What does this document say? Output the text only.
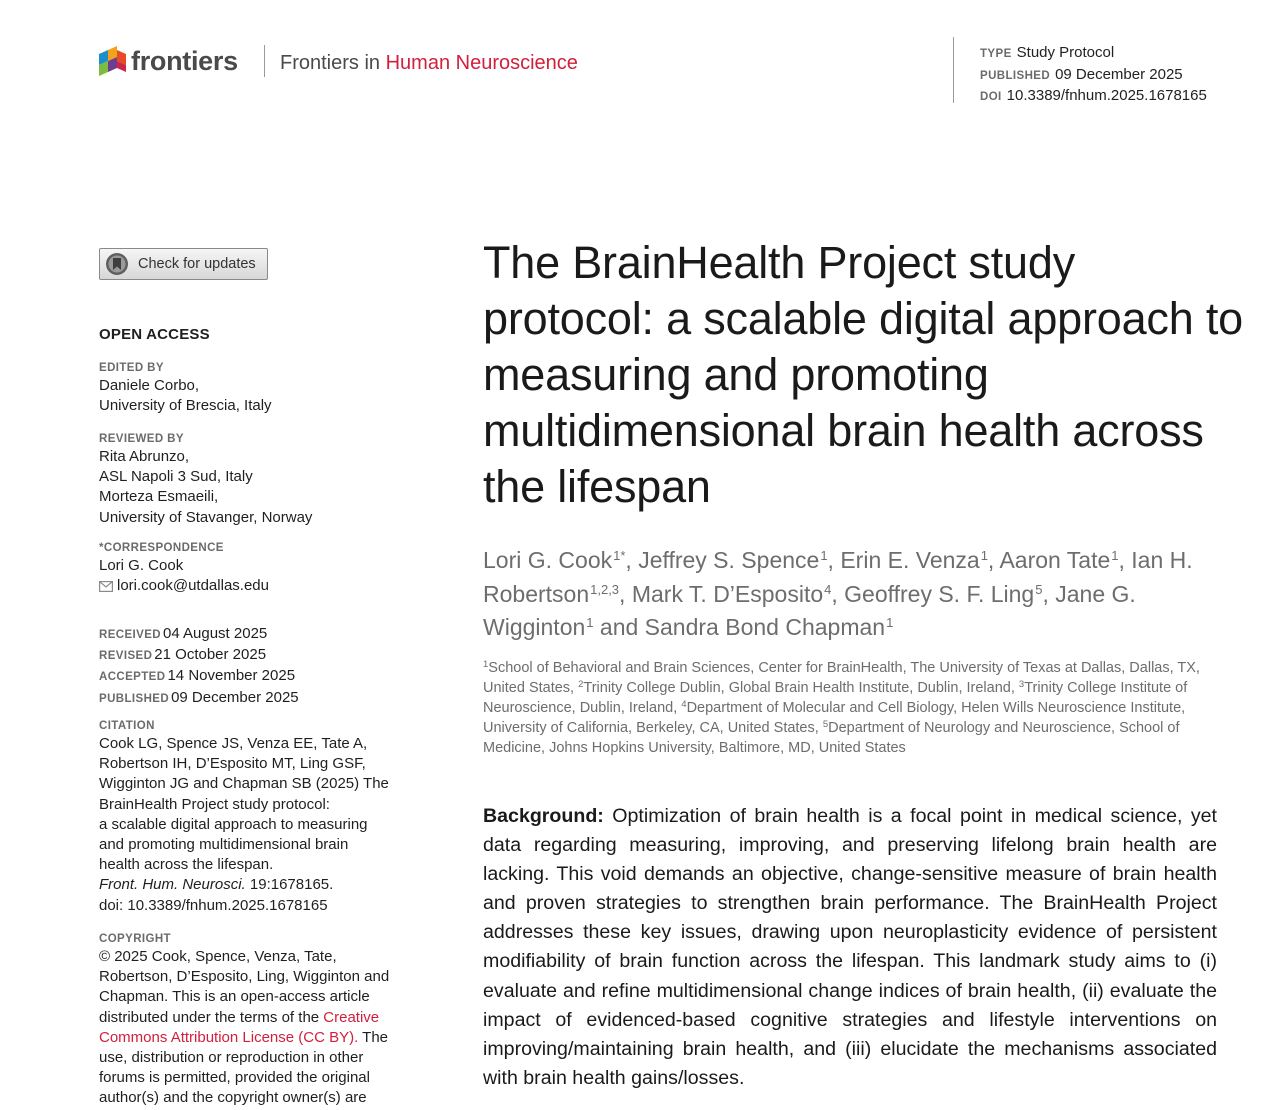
frontiers Frontiers in Human Neuroscience	TYPE Study Protocol
PUBLISHED 09 December 2025
DOI 10.3389/fnhum.2025.1678165
Check for updates
OPEN ACCESS
EDITED BY
Daniele Corbo,
University of Brescia, Italy
REVIEWED BY
Rita Abrunzo,
ASL Napoli 3 Sud, Italy
Morteza Esmaeili,
University of Stavanger, Norway
*CORRESPONDENCE
Lori G. Cook
lori.cook@utdallas.edu
RECEIVED 04 August 2025
REVISED 21 October 2025
ACCEPTED 14 November 2025
PUBLISHED 09 December 2025
CITATION
Cook LG, Spence JS, Venza EE, Tate A,
Robertson IH, D’Esposito MT, Ling GSF,
Wigginton JG and Chapman SB (2025) The
BrainHealth Project study protocol:
a scalable digital approach to measuring
and promoting multidimensional brain
health across the lifespan.
Front. Hum. Neurosci. 19:1678165.
doi: 10.3389/fnhum.2025.1678165
COPYRIGHT
© 2025 Cook, Spence, Venza, Tate,
Robertson, D’Esposito, Ling, Wigginton and
Chapman. This is an open-access article
distributed under the terms of the Creative
Commons Attribution License (CC BY). The
use, distribution or reproduction in other
forums is permitted, provided the original
author(s) and the copyright owner(s) are
The BrainHealth Project study protocol: a scalable digital approach to measuring and promoting multidimensional brain health across the lifespan
Lori G. Cook$^{1*}$, Jeffrey S. Spence$^1$, Erin E. Venza$^1$, Aaron Tate$^1$, Ian H. Robertson$^{1,2,3}$, Mark T. D’Esposito$^4$, Geoffrey S. F. Ling$^5$, Jane G. Wigginton$^1$ and Sandra Bond Chapman$^1$
$^1$School of Behavioral and Brain Sciences, Center for BrainHealth, The University of Texas at Dallas, Dallas, TX, United States, $^2$Trinity College Dublin, Global Brain Health Institute, Dublin, Ireland, $^3$Trinity College Institute of Neuroscience, Dublin, Ireland, $^4$Department of Molecular and Cell Biology, Helen Wills Neuroscience Institute, University of California, Berkeley, CA, United States, $^5$Department of Neurology and Neuroscience, School of Medicine, Johns Hopkins University, Baltimore, MD, United States
Background: Optimization of brain health is a focal point in medical science, yet data regarding measuring, improving, and preserving lifelong brain health are lacking. This void demands an objective, change-sensitive measure of brain health and proven strategies to strengthen brain performance. The BrainHealth Project addresses these key issues, drawing upon neuroplasticity evidence of persistent modifiability of brain function across the lifespan. This landmark study aims to (i) evaluate and refine multidimensional change indices of brain health, (ii) evaluate the impact of evidenced-based cognitive strategies and lifestyle interventions on improving/maintaining brain health, and (iii) elucidate the mechanisms associated with brain health gains/losses.
